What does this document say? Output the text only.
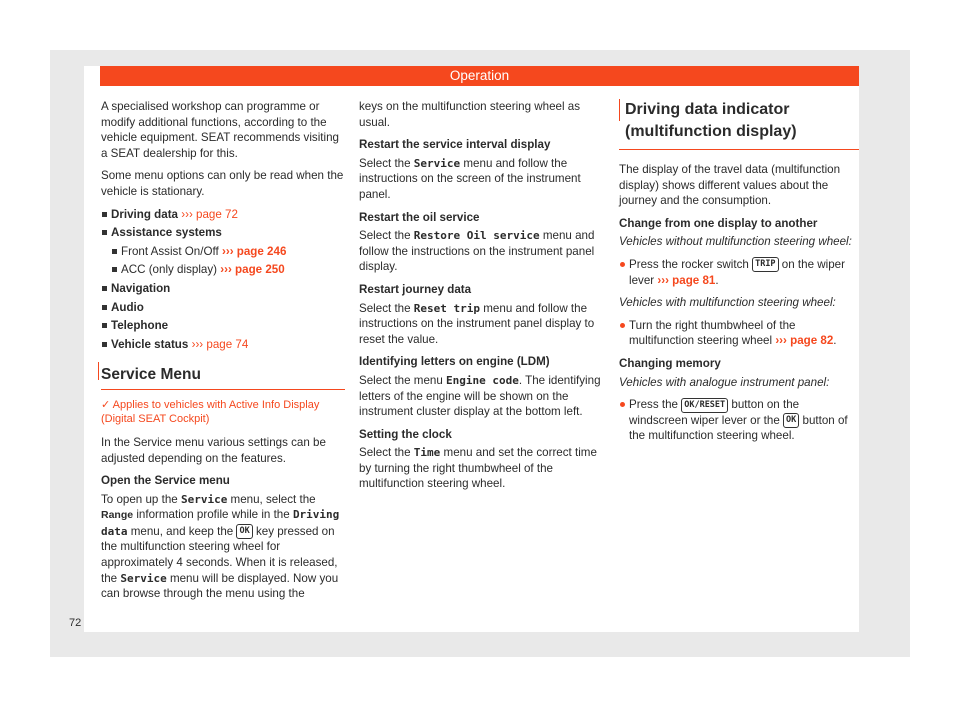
Operation

A specialised workshop can programme or modify additional functions, according to the vehicle equipment. SEAT recommends visiting a SEAT dealership for this.

Some menu options can only be read when the vehicle is stationary.

Driving data ››› page 72
Assistance systems
Front Assist On/Off ››› page 246
ACC (only display) ››› page 250
Navigation
Audio
Telephone
Vehicle status ››› page 74
Service Menu
✓ Applies to vehicles with Active Info Display (Digital SEAT Cockpit)

In the Service menu various settings can be adjusted depending on the features.

Open the Service menu

To open up the Service menu, select the Range information profile while in the Driving data menu, and keep the OK key pressed on the multifunction steering wheel for approximately 4 seconds. When it is released, the Service menu will be displayed. Now you can browse through the menu using the

keys on the multifunction steering wheel as usual.

Restart the service interval display

Select the Service menu and follow the instructions on the screen of the instrument panel.

Restart the oil service

Select the Restore Oil service menu and follow the instructions on the instrument panel display.

Restart journey data

Select the Reset trip menu and follow the instructions on the instrument panel display to reset the value.

Identifying letters on engine (LDM)

Select the menu Engine code. The identifying letters of the engine will be shown on the instrument cluster display at the bottom left.

Setting the clock

Select the Time menu and set the correct time by turning the right thumbwheel of the multifunction steering wheel.

Driving data indicator (multifunction display)

The display of the travel data (multifunction display) shows different values about the journey and the consumption.

Change from one display to another

Vehicles without multifunction steering wheel:

Press the rocker switch TRIP on the wiper lever ››› page 81.

Vehicles with multifunction steering wheel:

Turn the right thumbwheel of the multifunction steering wheel ››› page 82.

Changing memory

Vehicles with analogue instrument panel:

Press the OK/RESET button on the windscreen wiper lever or the OK button of the multifunction steering wheel.
72
